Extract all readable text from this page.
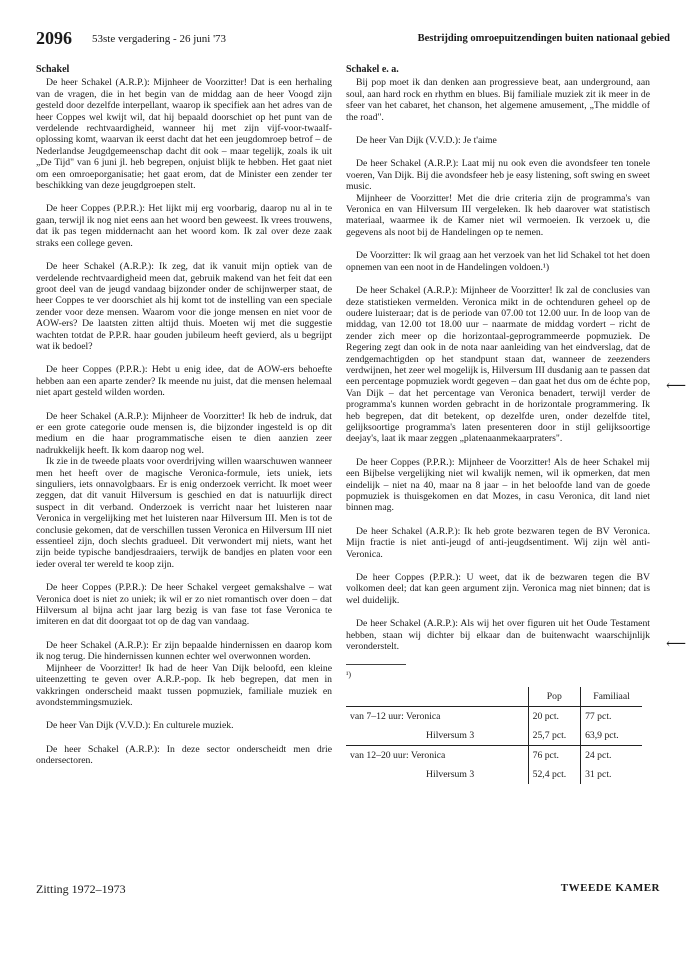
2096 53ste vergadering - 26 juni '73	Bestrijding omroepuitzendingen buiten nationaal gebied
Schakel

De heer Schakel (A.R.P.): Mijnheer de Voorzitter! Dat is een herhaling van de vragen, die in het begin van de middag aan de heer Voogd zijn gesteld door dezelfde interpellant, waarop ik specifiek aan het adres van de heer Coppes wel kwijt wil, dat hij bepaald doorschiet op het punt van de verdelende rechtvaardigheid, wanneer hij met zijn vijf-voor-twaalf-oplossing komt, waarvan ik eerst dacht dat het een jeugdomroep betrof – de Nederlandse Jeugdgemeenschap dacht dit ook – maar tegelijk, zoals ik uit „De Tijd" van 6 juni jl. heb begrepen, onjuist blijk te hebben. Het gaat niet om een omroeporganisatie; het gaat erom, dat de Minister een zender ter beschikking van deze jeugdgroepen stelt.

De heer Coppes (P.P.R.): Het lijkt mij erg voorbarig, daarop nu al in te gaan, terwijl ik nog niet eens aan het woord ben geweest. Ik vrees trouwens, dat ik pas tegen middernacht aan het woord kom. Ik zal over deze zaak straks een college geven.

De heer Schakel (A.R.P.): Ik zeg, dat ik vanuit mijn optiek van de verdelende rechtvaardigheid meen dat, gebruik makend van het feit dat een groot deel van de jeugd vandaag bijzonder onder de schijnwerper staat, de heer Coppes te ver doorschiet als hij komt tot de instelling van een speciale zender voor deze mensen. Waarom voor die jonge mensen en niet voor de AOW-ers? De laatsten zitten altijd thuis. Moeten wij met die suggestie wachten totdat de P.P.R. haar gouden jubileum heeft gevierd, als u begrijpt wat ik bedoel?

De heer Coppes (P.P.R.): Hebt u enig idee, dat de AOW-ers behoefte hebben aan een aparte zender? Ik meende nu juist, dat die mensen helemaal niet apart gesteld wilden worden.

De heer Schakel (A.R.P.): Mijnheer de Voorzitter! Ik heb de indruk, dat er een grote categorie oude mensen is, die bijzonder ingesteld is op dit medium en die haar programmatische eisen te dien aanzien zeer nadrukkelijk heeft. Ik kom daarop nog wel.

Ik zie in de tweede plaats voor overdrijving willen waarschuwen wanneer men het heeft over de magische Veronica-formule, iets uniek, iets singuliers, iets onnavolgbaars. Er is enig onderzoek verricht. Ik moet weer zeggen, dat dit vanuit Hilversum is geschied en dat is natuurlijk direct suspect in dit verband. Onderzoek is verricht naar het luisteren naar Veronica in vergelijking met het luisteren naar Hilversum III. Men is tot de conclusie gekomen, dat de verschillen tussen Veronica en Hilversum III niet essentieel zijn, doch slechts gradueel. Dit verwondert mij niets, want het zijn beide typische bandjesdraaiers, terwijk de bandjes en platen voor een ieder overal ter wereld te koop zijn.

De heer Coppes (P.P.R.): De heer Schakel vergeet gemakshalve – wat Veronica doet is niet zo uniek; ik wil er zo niet romantisch over doen – dat Hilversum al bijna acht jaar larg bezig is van fase tot fase Veronica te imiteren en dat dit doorgaat tot op de dag van vandaag.

De heer Schakel (A.R.P.): Er zijn bepaalde hindernissen en daarop kom ik nog terug. Die hindernissen kunnen echter wel overwonnen worden.

Mijnheer de Voorzitter! Ik had de heer Van Dijk beloofd, een kleine uiteenzetting te geven over A.R.P.-pop. Ik heb begrepen, dat men in vakkringen onderscheid maakt tussen popmuziek, familiale muziek en avondstemmingsmuziek.

De heer Van Dijk (V.V.D.): En culturele muziek.

De heer Schakel (A.R.P.): In deze sector onderscheidt men drie ondersectoren.

Schakel e. a.

Bij pop moet ik dan denken aan progressieve beat, aan underground, aan soul, aan hard rock en rhythm en blues. Bij familiale muziek zit ik meer in de sfeer van het cabaret, het chanson, het algemene amusement, „The middle of the road".

De heer Van Dijk (V.V.D.): Je t'aime

De heer Schakel (A.R.P.): Laat mij nu ook even die avondsfeer ten tonele voeren, Van Dijk. Bij die avondsfeer heb je easy listening, soft swing en sweet music.

Mijnheer de Voorzitter! Met die drie criteria zijn de programma's van Veronica en van Hilversum III vergeleken. Ik heb daarover wat statistisch materiaal, waarmee ik de Kamer niet wil vermoeien. Ik verzoek u, die gegevens als noot bij de Handelingen op te nemen.

De Voorzitter: Ik wil graag aan het verzoek van het lid Schakel tot het doen opnemen van een noot in de Handelingen voldoen.¹)

De heer Schakel (A.R.P.): Mijnheer de Voorzitter! Ik zal de conclusies van deze statistieken vermelden. Veronica mikt in de ochtenduren geheel op de oudere luisteraar; dat is de periode van 07.00 tot 12.00 uur. In de loop van de middag, van 12.00 tot 18.00 uur – naarmate de middag vordert – richt de zender zich meer op die horizontaal-geprogrammeerde popmuziek. De Regering zegt dan ook in de nota naar aanleiding van het eindverslag, dat de zendgemachtigden op het standpunt staan dat, wanneer de zeezenders verdwijnen, het zeer wel mogelijk is, Hilversum III dusdanig aan te passen dat een percentage popmuziek wordt gegeven – dan gaat het dus om de échte pop, Van Dijk – dat het percentage van Veronica benadert, terwijl verder de programma's kunnen worden gebracht in de horizontale programmering. Ik heb begrepen, dat dit betekent, op dezelfde uren, onder dezelfde titel, gelijksoortige programma's laten presenteren door in stijl gelijksoortige deejay's, laat ik maar zeggen „platenaanmekaarpraters".

De heer Coppes (P.P.R.): Mijnheer de Voorzitter! Als de heer Schakel mij een Bijbelse vergelijking niet wil kwalijk nemen, wil ik opmerken, dat men eindelijk – niet na 40, maar na 8 jaar – in het beloofde land van de goede popmuziek is thuisgekomen en dat Mozes, in casu Veronica, dit land niet binnen mag.

De heer Schakel (A.R.P.): Ik heb grote bezwaren tegen de BV Veronica. Mijn fractie is niet anti-jeugd of anti-jeugdsentiment. Wij zijn wèl anti-Veronica.

De heer Coppes (P.P.R.): U weet, dat ik de bezwaren tegen die BV volkomen deel; dat kan geen argument zijn. Veronica mag niet binnen; dat is wel duidelijk.

De heer Schakel (A.R.P.): Als wij het over figuren uit het Oude Testament hebben, staan wij dichter bij elkaar dan de buitenwacht waarschijnlijk veronderstelt.

¹)
	Pop	Familiaal
van 7–12 uur: Veronica	20 pct.	77 pct.
Hilversum 3	25,7 pct.	63,9 pct.
van 12–20 uur: Veronica	76 pct.	24 pct.
Hilversum 3	52,4 pct.	31 pct.
⟵
⟵
Zitting 1972–1973	TWEEDE KAMER
